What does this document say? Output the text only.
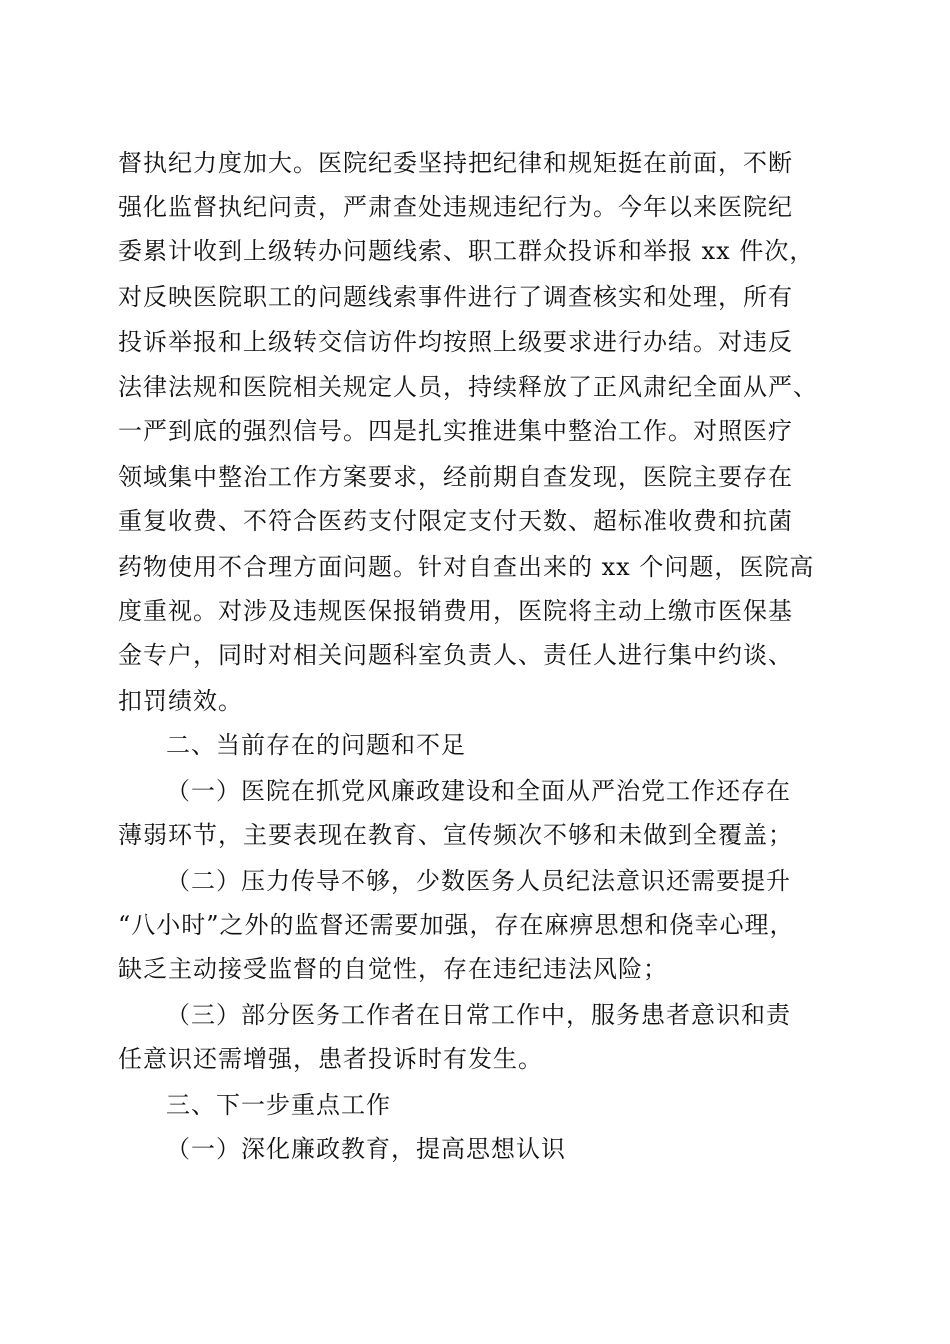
督执纪力度加大。医院纪委坚持把纪律和规矩挺在前面，不断
强化监督执纪问责，严肃查处违规违纪行为。今年以来医院纪
委累计收到上级转办问题线索、职工群众投诉和举报 xx 件次，
对反映医院职工的问题线索事件进行了调查核实和处理，所有
投诉举报和上级转交信访件均按照上级要求进行办结。对违反
法律法规和医院相关规定人员，持续释放了正风肃纪全面从严、
一严到底的强烈信号。四是扎实推进集中整治工作。对照医疗
领域集中整治工作方案要求，经前期自查发现，医院主要存在
重复收费、不符合医药支付限定支付天数、超标准收费和抗菌
药物使用不合理方面问题。针对自查出来的 xx 个问题，医院高
度重视。对涉及违规医保报销费用，医院将主动上缴市医保基
金专户，同时对相关问题科室负责人、责任人进行集中约谈、
扣罚绩效。
二、当前存在的问题和不足
（一）医院在抓党风廉政建设和全面从严治党工作还存在
薄弱环节，主要表现在教育、宣传频次不够和未做到全覆盖；
（二）压力传导不够，少数医务人员纪法意识还需要提升
“八小时”之外的监督还需要加强，存在麻痹思想和侥幸心理，
缺乏主动接受监督的自觉性，存在违纪违法风险；
（三）部分医务工作者在日常工作中，服务患者意识和责
任意识还需增强，患者投诉时有发生。
三、下一步重点工作
（一）深化廉政教育，提高思想认识
